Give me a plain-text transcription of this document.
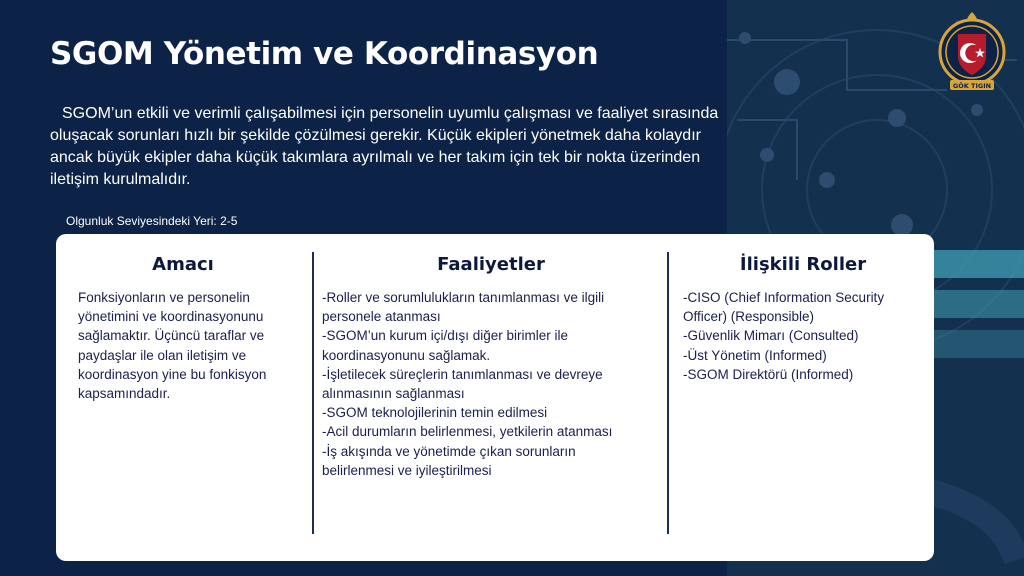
SGOM Yönetim ve Koordinasyon

SGOM’un etkili ve verimli çalışabilmesi için personelin uyumlu çalışması ve faaliyet sırasında oluşacak sorunları hızlı bir şekilde çözülmesi gerekir. Küçük ekipleri yönetmek daha kolaydır ancak büyük ekipler daha küçük takımlara ayrılmalı ve her takım için tek bir nokta üzerinden iletişim kurulmalıdır.

Olgunluk Seviyesindeki Yeri: 2-5
GÖK TIGIN
Amacı
Fonksiyonların ve personelin
yönetimini ve koordinasyonunu
sağlamaktır. Üçüncü taraflar ve
paydaşlar ile olan iletişim ve
koordinasyon yine bu fonkisyon
kapsamındadır.
Faaliyetler
-Roller ve sorumlulukların tanımlanması ve ilgili
personele atanması
-SGOM’un kurum içi/dışı diğer birimler ile
koordinasyonunu sağlamak.
-İşletilecek süreçlerin tanımlanması ve devreye
alınmasının sağlanması
-SGOM teknolojilerinin temin edilmesi
-Acil durumların belirlenmesi, yetkilerin atanması
-İş akışında ve yönetimde çıkan sorunların
belirlenmesi ve iyileştirilmesi
İlişkili Roller
-CISO (Chief Information Security
Officer) (Responsible)
-Güvenlik Mimarı (Consulted)
-Üst Yönetim (Informed)
-SGOM Direktörü (Informed)
